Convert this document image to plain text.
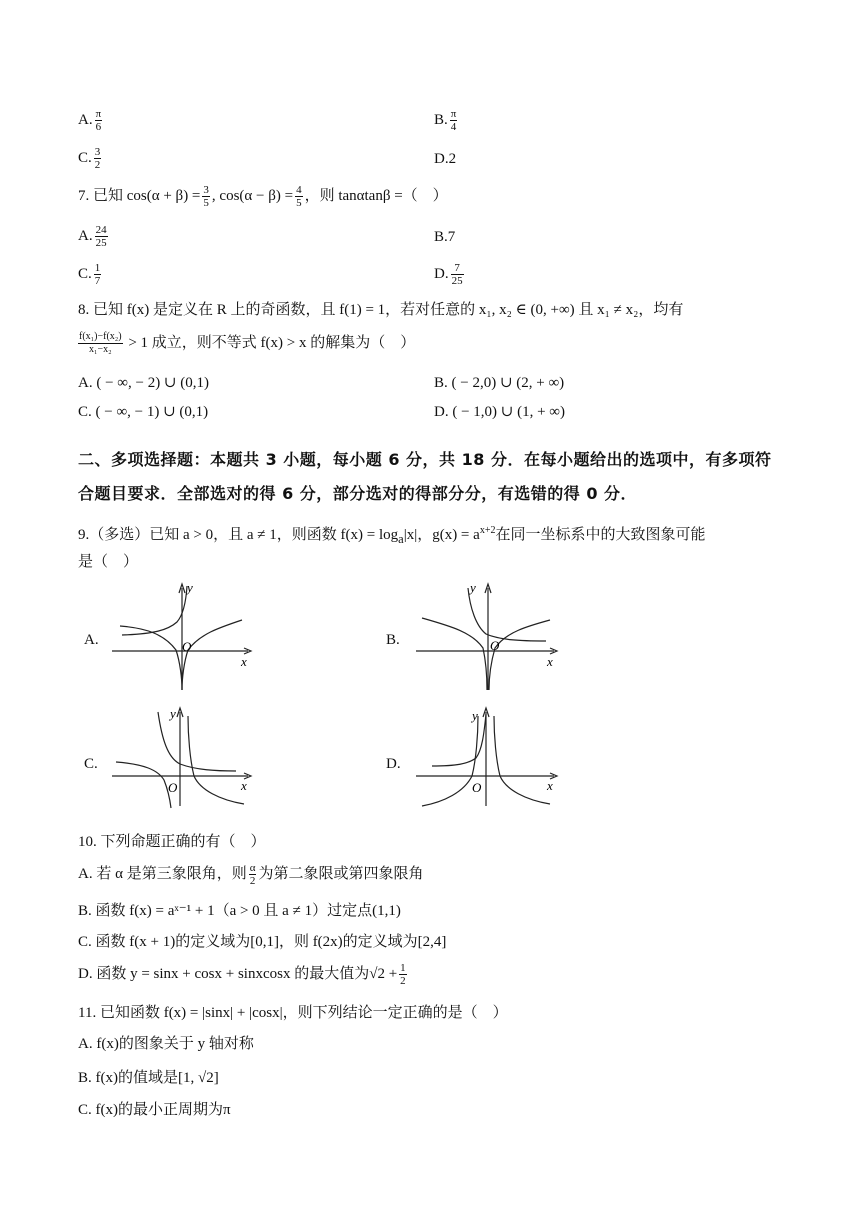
A. $\frac{\pi}{6}$	B. $\frac{\pi}{4}$
C. $\frac{3}{2}$	D.2
7. 已知 $\cos(\alpha + \beta) = \frac{3}{5}$ , $\cos(\alpha - \beta) = \frac{4}{5}$ ，则 tanαtanβ =（　）
A. $\frac{24}{25}$	B.7
C. $\frac{1}{7}$	D. $\frac{7}{25}$
8. 已知 f(x) 是定义在 R 上的奇函数，且 f(1) = 1，若对任意的 x₁, x₂ ∈ (0, +∞) 且 x₁ ≠ x₂，均有
$\frac{\text{f(x₁)−f(x₂)}}{\text{x₁−x₂}} > 1$ 成立，则不等式 f(x) > x 的解集为（　）
A. ( − ∞, − 2) ∪ (0,1)	B. ( − 2,0) ∪ (2, + ∞)
C. ( − ∞, − 1) ∪ (0,1)	D. ( − 1,0) ∪ (1, + ∞)
二、多项选择题：本题共 3 小题，每小题 6 分，共 18 分．在每小题给出的选项中，有多项符
合题目要求．全部选对的得 6 分，部分选对的得部分分，有选错的得 0 分．
9.（多选）已知 a > 0，且 a ≠ 1，则函数 $f(x) = \log_a|x|$，$g(x) = a^{x+2}$在同一坐标系中的大致图象可能
是（　）
A.
y
x
O	B.
y
x
O
C.
y
x
O
D.
y
x
O
10. 下列命题正确的有（　）
A. 若 α 是第三象限角，则 $\frac{\alpha}{2}$ 为第二象限或第四象限角
B. 函数 f(x) = aˣ⁻¹ + 1（a > 0 且 a ≠ 1）过定点(1,1)
C. 函数 f(x + 1)的定义域为[0,1]，则 f(2x)的定义域为[2,4]
D. 函数 y = sinx + cosx + sinxcosx 的最大值为$√2 + \frac{1}{2}$
11. 已知函数 f(x) = |sinx| + |cosx|，则下列结论一定正确的是（　）
A. f(x)的图象关于 y 轴对称
B. f(x)的值域是[1, √2]
C. f(x)的最小正周期为π
